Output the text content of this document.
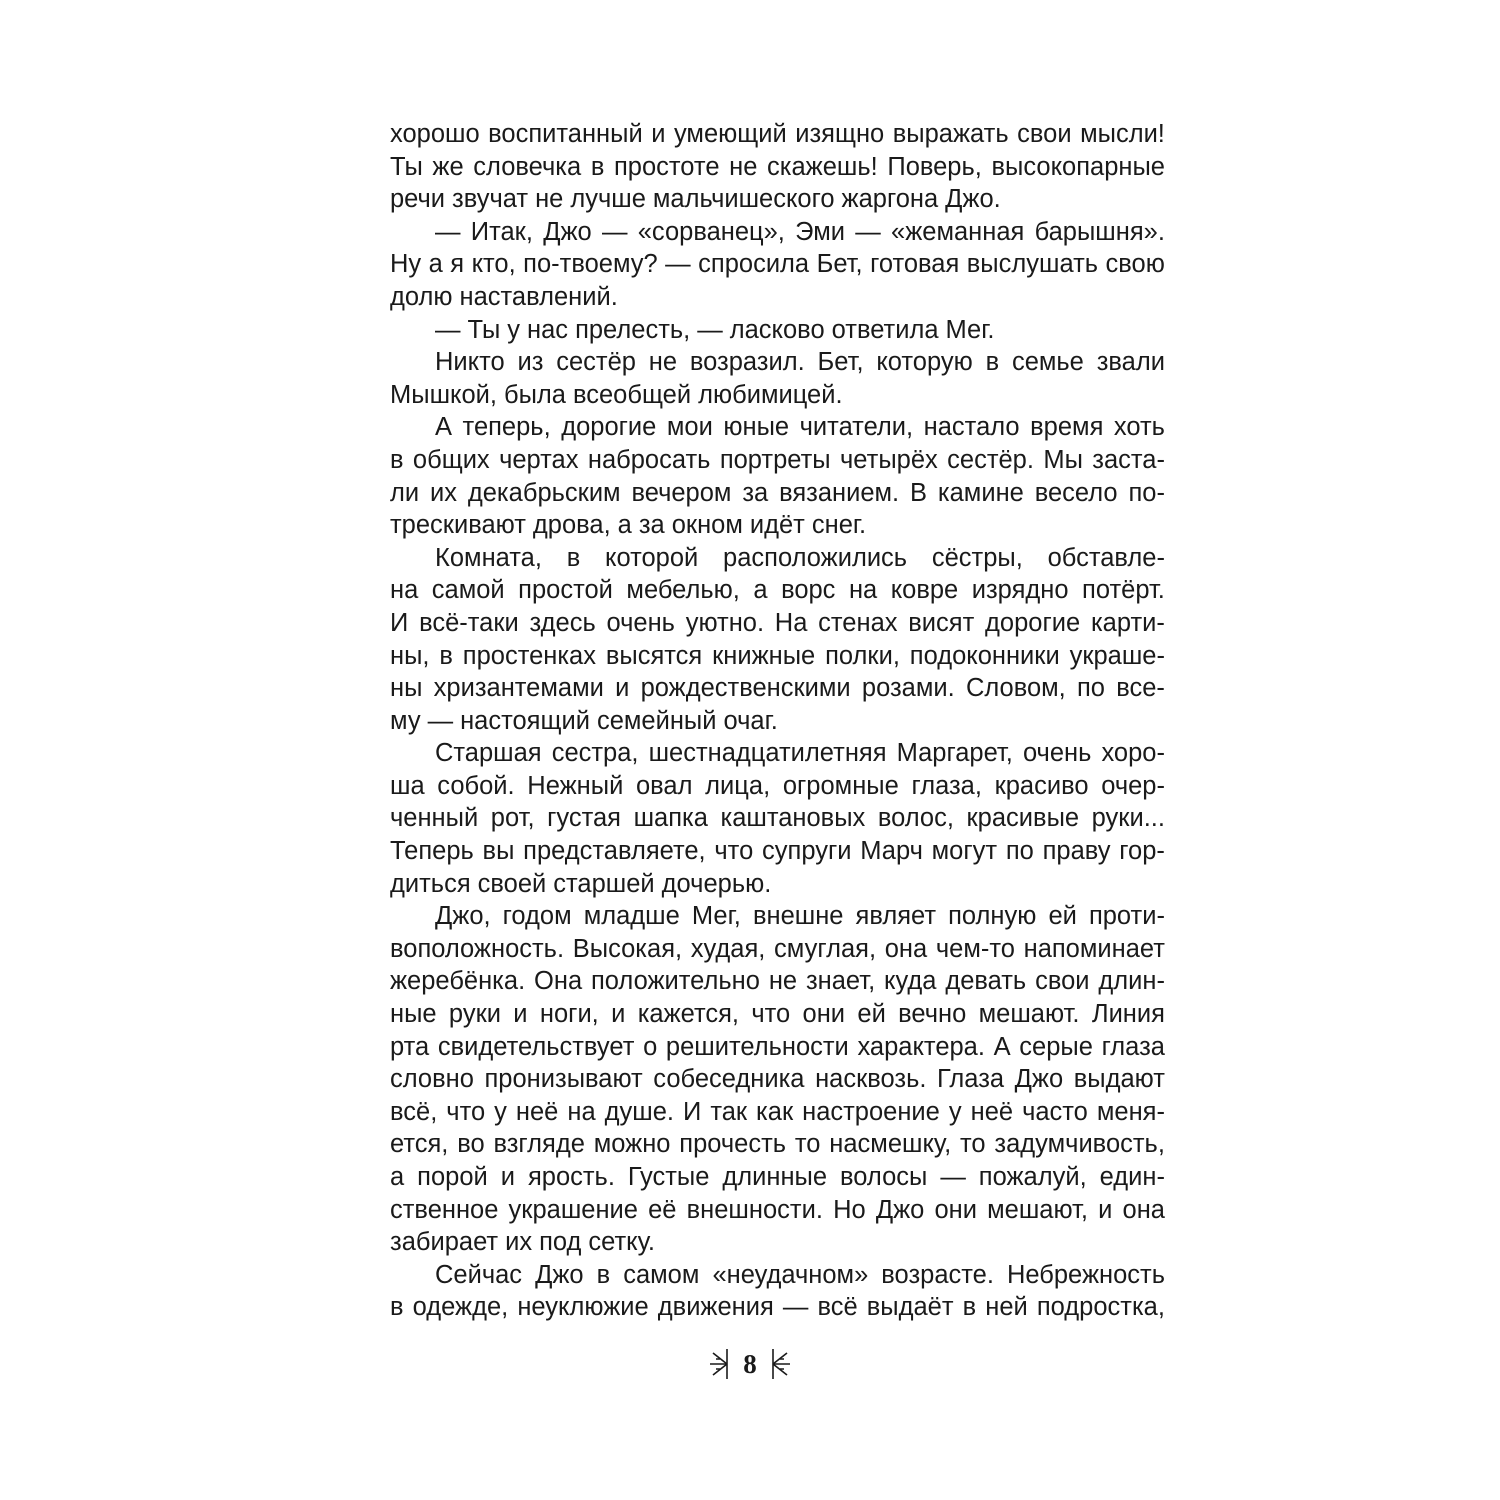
хорошо воспитанный и умеющий изящно выражать свои мысли!
Ты же словечка в простоте не скажешь! Поверь, высокопарные
речи звучат не лучше мальчишеского жаргона Джо.
— Итак, Джо — «сорванец», Эми — «жеманная барышня».
Ну а я кто, по-твоему? — спросила Бет, готовая выслушать свою
долю наставлений.
— Ты у нас прелесть, — ласково ответила Мег.
Никто из сестёр не возразил. Бет, которую в семье звали
Мышкой, была всеобщей любимицей.
А теперь, дорогие мои юные читатели, настало время хоть
в общих чертах набросать портреты четырёх сестёр. Мы заста-
ли их декабрьским вечером за вязанием. В камине весело по-
трескивают дрова, а за окном идёт снег.
Комната, в которой расположились сёстры, обставле-
на самой простой мебелью, а ворс на ковре изрядно потёрт.
И всё-таки здесь очень уютно. На стенах висят дорогие карти-
ны, в простенках высятся книжные полки, подоконники украше-
ны хризантемами и рождественскими розами. Словом, по все-
му — настоящий семейный очаг.
Старшая сестра, шестнадцатилетняя Маргарет, очень хоро-
ша собой. Нежный овал лица, огромные глаза, красиво очер-
ченный рот, густая шапка каштановых волос, красивые руки...
Теперь вы представляете, что супруги Марч могут по праву гор-
диться своей старшей дочерью.
Джо, годом младше Мег, внешне являет полную ей проти-
воположность. Высокая, худая, смуглая, она чем-то напоминает
жеребёнка. Она положительно не знает, куда девать свои длин-
ные руки и ноги, и кажется, что они ей вечно мешают. Линия
рта свидетельствует о решительности характера. А серые глаза
словно пронизывают собеседника насквозь. Глаза Джо выдают
всё, что у неё на душе. И так как настроение у неё часто меня-
ется, во взгляде можно прочесть то насмешку, то задумчивость,
а порой и ярость. Густые длинные волосы — пожалуй, един-
ственное украшение её внешности. Но Джо они мешают, и она
забирает их под сетку.
Сейчас Джо в самом «неудачном» возрасте. Небрежность
в одежде, неуклюжие движения — всё выдаёт в ней подростка,
8
